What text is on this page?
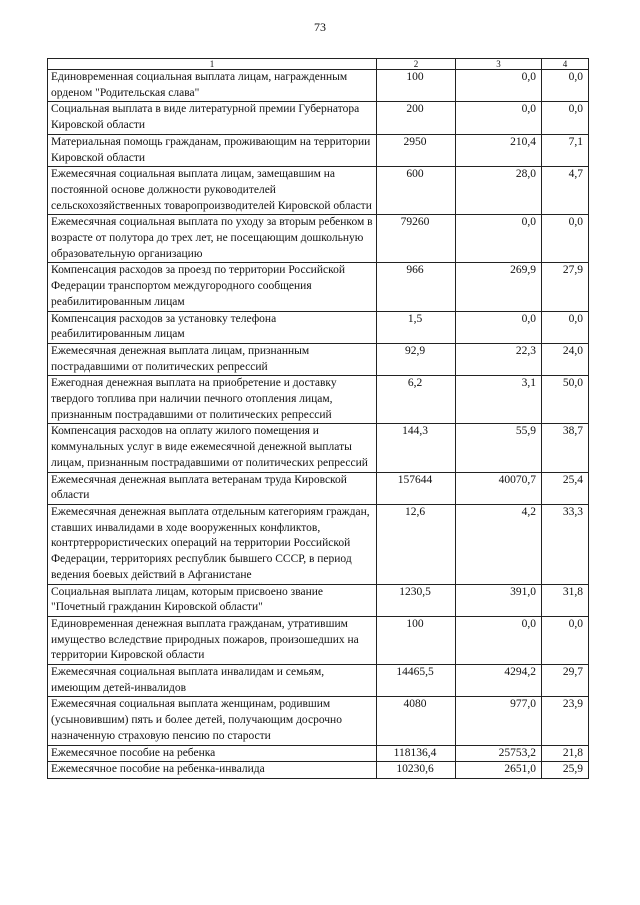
73
1	2	3	4
Единовременная социальная выплата лицам, награжденным орденом "Родительская слава"	100	0,0	0,0
Социальная выплата в виде литературной премии Губернатора Кировской области	200	0,0	0,0
Материальная помощь гражданам, проживающим на территории Кировской области	2950	210,4	7,1
Ежемесячная социальная выплата лицам, замещавшим на постоянной основе должности руководителей сельскохозяйственных товаропроизводителей Кировской области	600	28,0	4,7
Ежемесячная социальная выплата по уходу за вторым ребенком в возрасте от полутора до трех лет, не посещающим дошкольную образовательную организацию	79260	0,0	0,0
Компенсация расходов за проезд по территории Российской Федерации транспортом междугородного сообщения реабилитированным лицам	966	269,9	27,9
Компенсация расходов за установку телефона реабилитированным лицам	1,5	0,0	0,0
Ежемесячная денежная выплата лицам, признанным пострадавшими от политических репрессий	92,9	22,3	24,0
Ежегодная денежная выплата на приобретение и доставку твердого топлива при наличии печного отопления лицам, признанным пострадавшими от политических репрессий	6,2	3,1	50,0
Компенсация расходов на оплату жилого помещения и коммунальных услуг в виде ежемесячной денежной выплаты лицам, признанным пострадавшими от политических репрессий	144,3	55,9	38,7
Ежемесячная денежная выплата ветеранам труда Кировской области	157644	40070,7	25,4
Ежемесячная денежная выплата отдельным категориям граждан, ставших инвалидами в ходе вооруженных конфликтов, контртеррористических операций на территории Российской Федерации, территориях республик бывшего СССР, в период ведения боевых действий в Афганистане	12,6	4,2	33,3
Социальная выплата лицам, которым присвоено звание "Почетный гражданин Кировской области"	1230,5	391,0	31,8
Единовременная денежная выплата гражданам, утратившим имущество вследствие природных пожаров, произошедших на территории Кировской области	100	0,0	0,0
Ежемесячная социальная выплата инвалидам и семьям, имеющим детей-инвалидов	14465,5	4294,2	29,7
Ежемесячная социальная выплата женщинам, родившим (усыновившим) пять и более детей, получающим досрочно назначенную страховую пенсию по старости	4080	977,0	23,9
Ежемесячное пособие на ребенка	118136,4	25753,2	21,8
Ежемесячное пособие на ребенка-инвалида	10230,6	2651,0	25,9
